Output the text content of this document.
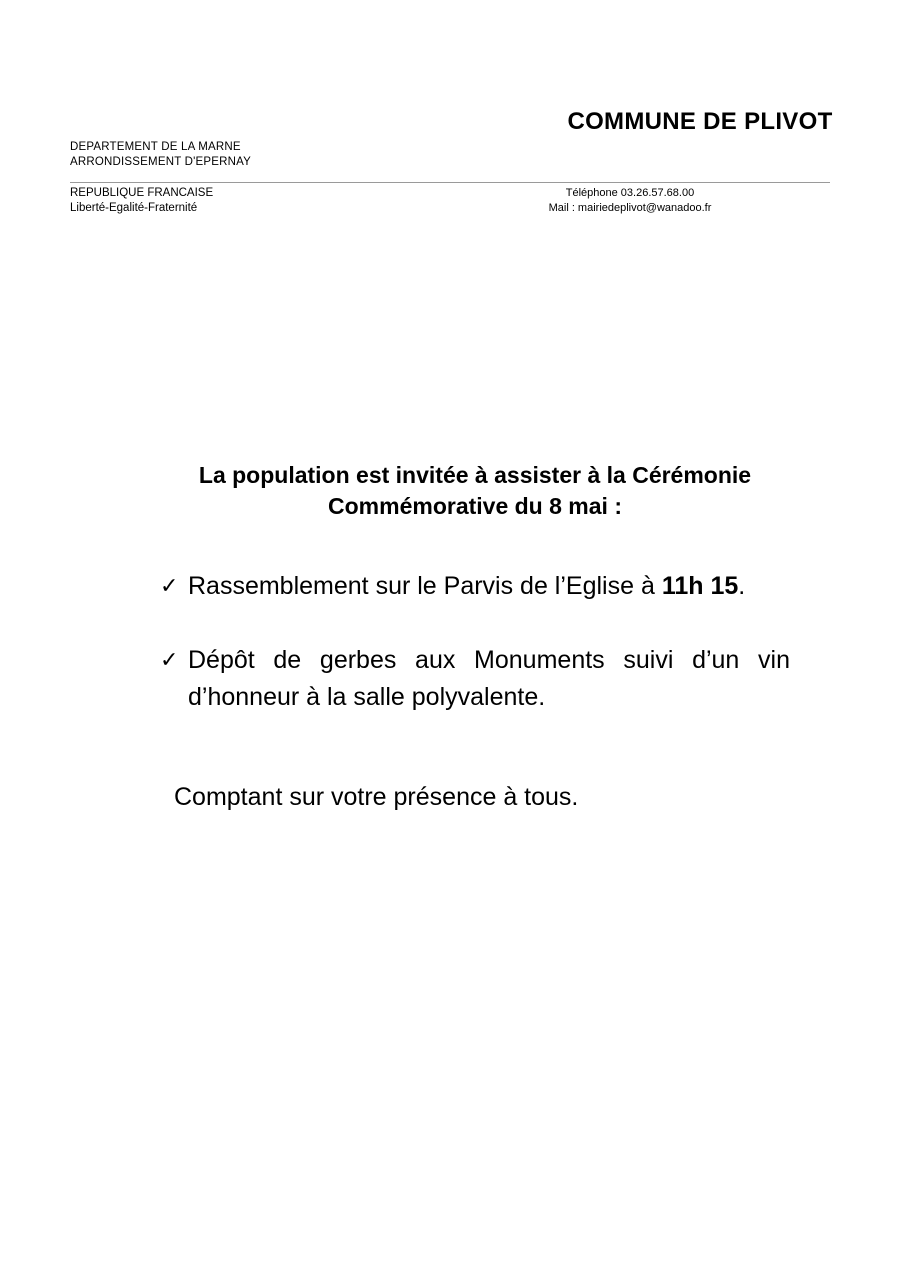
COMMUNE DE PLIVOT
DEPARTEMENT DE LA MARNE
ARRONDISSEMENT D'EPERNAY
REPUBLIQUE FRANCAISE
Liberté-Egalité-Fraternité
Téléphone 03.26.57.68.00
Mail : mairiedeplivot@wanadoo.fr

La population est invitée à assister à la Cérémonie Commémorative du 8 mai :

✓ Rassemblement sur le Parvis de l’Eglise à 11h 15.
✓ Dépôt de gerbes aux Monuments suivi d’un vin d’honneur à la salle polyvalente.

Comptant sur votre présence à tous.
